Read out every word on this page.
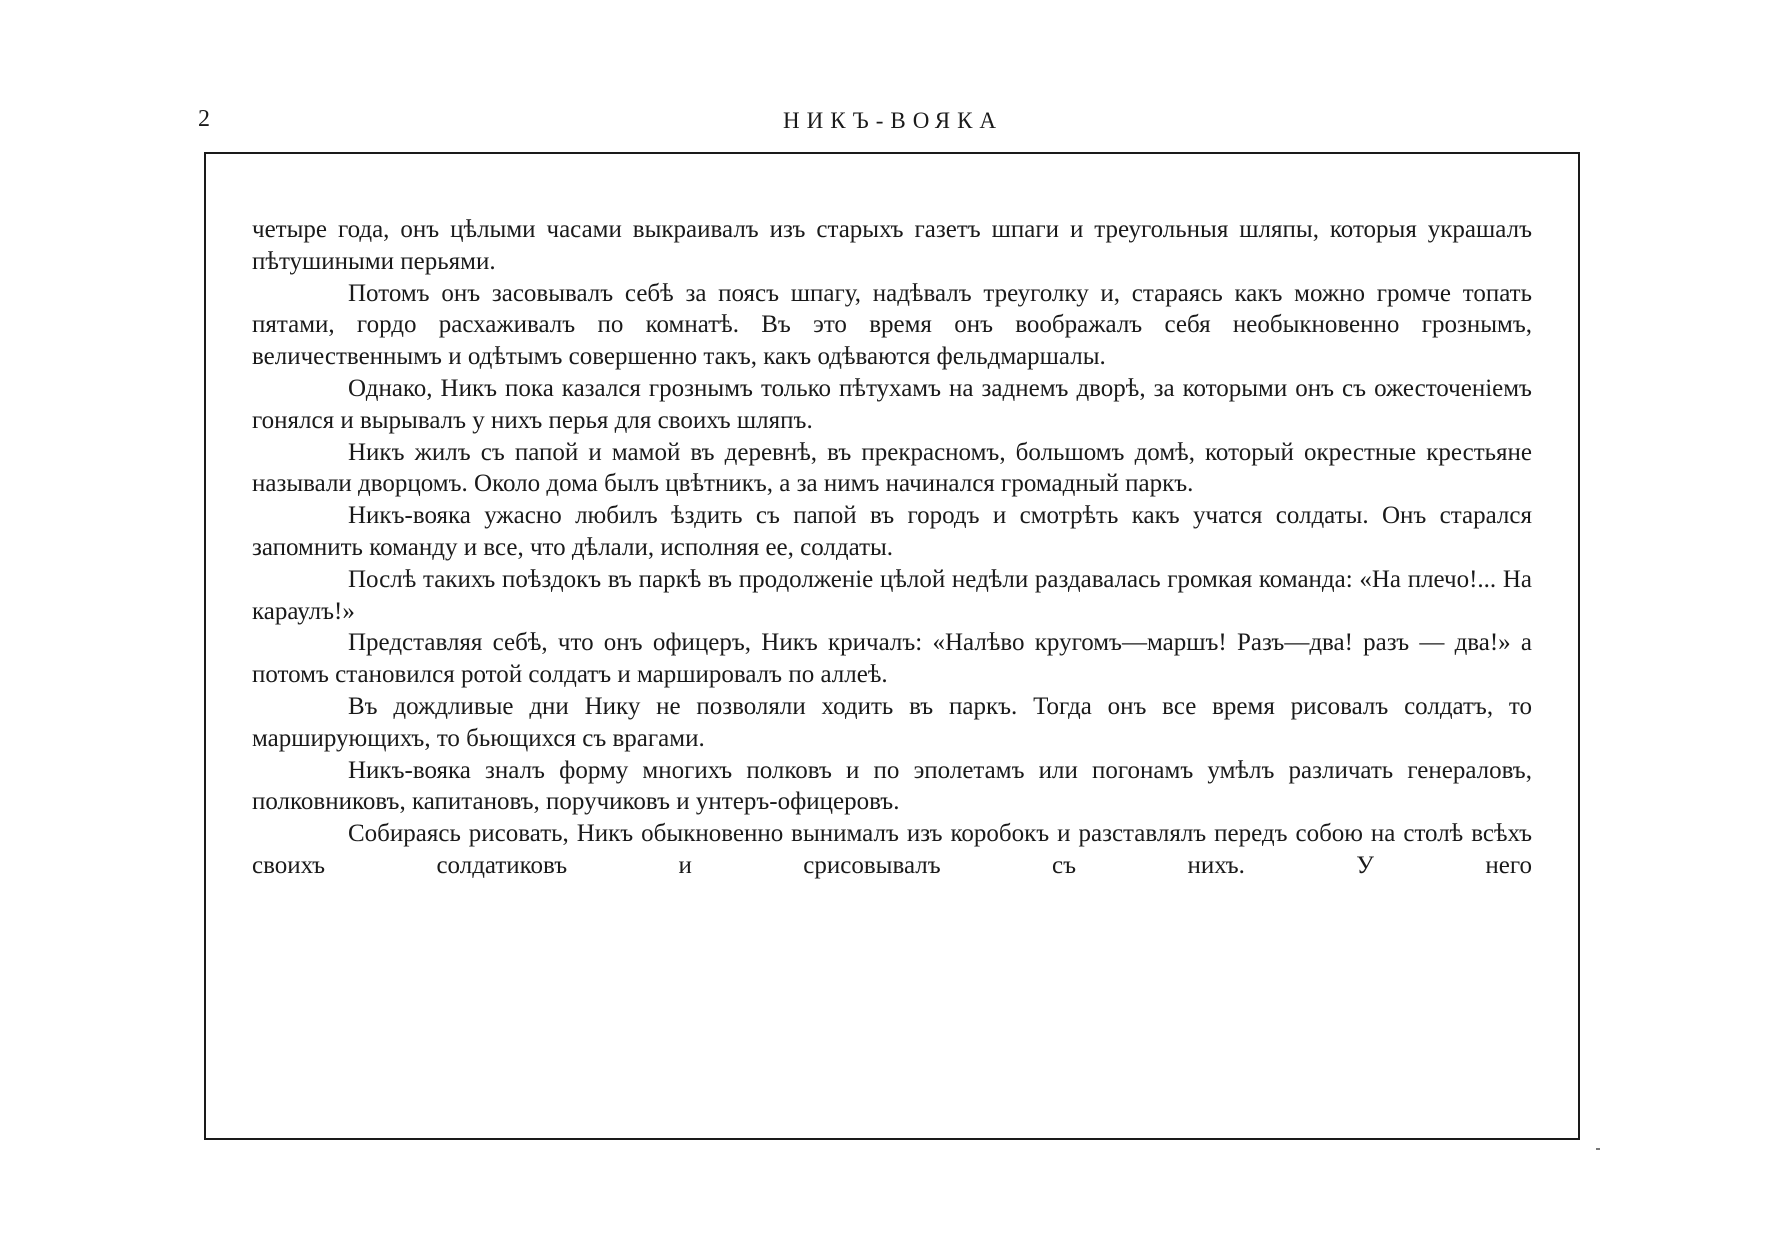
2	НИКЪ-ВОЯКА

четыре года, онъ цѣлыми часами выкраивалъ изъ старыхъ газетъ шпаги и треугольныя шляпы, которыя украшалъ пѣтушиными перьями.

Потомъ онъ засовывалъ себѣ за поясъ шпагу, надѣвалъ треуголку и, стараясь какъ можно громче топать пятами, гордо расхаживалъ по комнатѣ. Въ это время онъ воображалъ себя необыкновенно грознымъ, величественнымъ и одѣтымъ совершенно такъ, какъ одѣваются фельдмаршалы.

Однако, Никъ пока казался грознымъ только пѣтухамъ на заднемъ дворѣ, за которыми онъ съ ожесточеніемъ гонялся и вырывалъ у нихъ перья для своихъ шляпъ.

Никъ жилъ съ папой и мамой въ деревнѣ, въ прекрасномъ, большомъ домѣ, который окрестные крестьяне называли дворцомъ. Около дома былъ цвѣтникъ, а за нимъ начинался громадный паркъ.

Никъ-вояка ужасно любилъ ѣздить съ папой въ городъ и смотрѣть какъ учатся солдаты. Онъ старался запомнить команду и все, что дѣлали, исполняя ее, солдаты.

Послѣ такихъ поѣздокъ въ паркѣ въ продолженіе цѣлой недѣли раздавалась громкая команда: «На плечо!... На караулъ!»

Представляя себѣ, что онъ офицеръ, Никъ кричалъ: «Налѣво кругомъ—маршъ! Разъ—два! разъ — два!» а потомъ становился ротой солдатъ и маршировалъ по аллеѣ.

Въ дождливые дни Нику не позволяли ходить въ паркъ. Тогда онъ все время рисовалъ солдатъ, то марширующихъ, то бьющихся съ врагами.

Никъ-вояка зналъ форму многихъ полковъ и по эполетамъ или погонамъ умѣлъ различать генераловъ, полковниковъ, капитановъ, поручиковъ и унтеръ-офицеровъ.

Собираясь рисовать, Никъ обыкновенно вынималъ изъ коробокъ и разставлялъ передъ собою на столѣ всѣхъ своихъ солдатиковъ и срисовывалъ съ нихъ. У него
